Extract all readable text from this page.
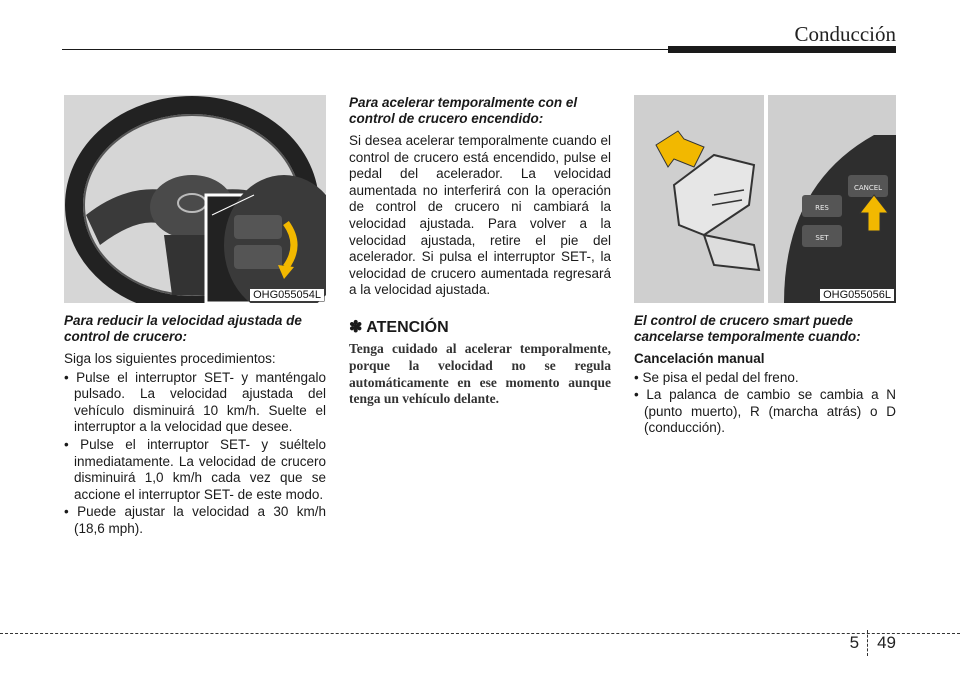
Conducción
OHG055054L
Para reducir la velocidad ajustada de control de crucero:

Siga los siguientes procedimientos:

• Pulse el interruptor SET- y manténgalo pulsado. La velocidad ajustada del vehículo disminuirá 10 km/h. Suelte el interruptor a la velocidad que desee.
• Pulse el interruptor SET- y suéltelo inmediatamente. La velocidad de crucero disminuirá 1,0 km/h cada vez que se accione el interruptor SET- de este modo.
• Puede ajustar la velocidad a 30 km/h (18,6 mph).
Para acelerar temporalmente con el control de crucero encendido:

Si desea acelerar temporalmente cuando el control de crucero está encendido, pulse el pedal del acelerador. La velocidad aumentada no interferirá con la operación de control de crucero ni cambiará la velocidad ajustada. Para volver a la velocidad ajustada, retire el pie del acelerador. Si pulsa el interruptor SET-, la velocidad de crucero aumentada regresará a la velocidad ajustada.

✽ ATENCIÓN
Tenga cuidado al acelerar temporalmente, porque la velocidad no se regula automáticamente en ese momento aunque tenga un vehículo delante.
RES
SET
CANCEL
OHG055056L
El control de crucero smart puede cancelarse temporalmente cuando:

Cancelación manual

• Se pisa el pedal del freno.
• La palanca de cambio se cambia a N (punto muerto), R (marcha atrás) o D (conducción).
5 49
